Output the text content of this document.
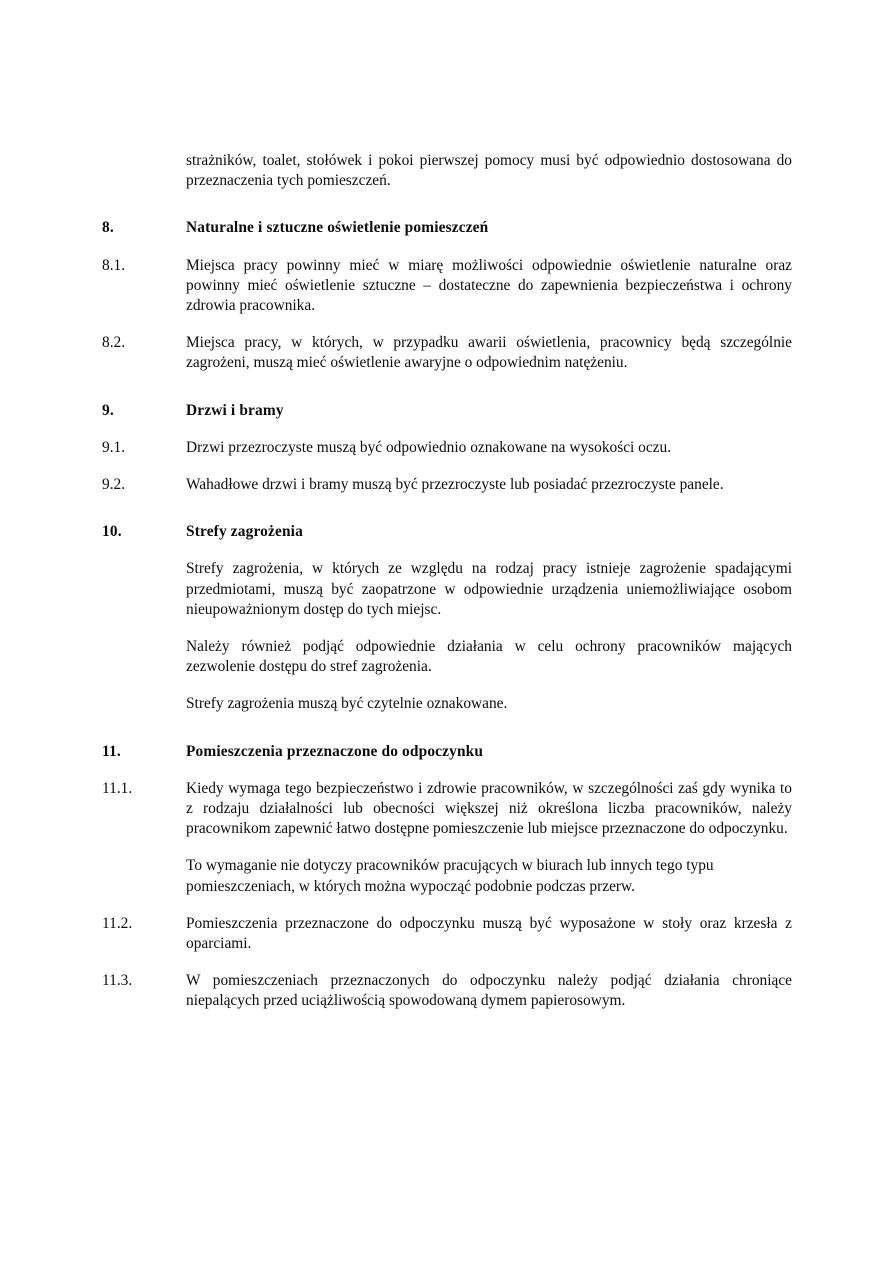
strażników, toalet, stołówek i pokoi pierwszej pomocy musi być odpowiednio dostosowana do przeznaczenia tych pomieszczeń.
8.	Naturalne i sztuczne oświetlenie pomieszczeń
8.1.	Miejsca pracy powinny mieć w miarę możliwości odpowiednie oświetlenie naturalne oraz powinny mieć oświetlenie sztuczne – dostateczne do zapewnienia bezpieczeństwa i ochrony zdrowia pracownika.
8.2.	Miejsca pracy, w których, w przypadku awarii oświetlenia, pracownicy będą szczególnie zagrożeni, muszą mieć oświetlenie awaryjne o odpowiednim natężeniu.
9.	Drzwi i bramy
9.1.	Drzwi przezroczyste muszą być odpowiednio oznakowane na wysokości oczu.
9.2.	Wahadłowe drzwi i bramy muszą być przezroczyste lub posiadać przezroczyste panele.
10.	Strefy zagrożenia
Strefy zagrożenia, w których ze względu na rodzaj pracy istnieje zagrożenie spadającymi przedmiotami, muszą być zaopatrzone w odpowiednie urządzenia uniemożliwiające osobom nieupoważnionym dostęp do tych miejsc.
Należy również podjąć odpowiednie działania w celu ochrony pracowników mających zezwolenie dostępu do stref zagrożenia.
Strefy zagrożenia muszą być czytelnie oznakowane.
11.	Pomieszczenia przeznaczone do odpoczynku
11.1.	Kiedy wymaga tego bezpieczeństwo i zdrowie pracowników, w szczególności zaś gdy wynika to z rodzaju działalności lub obecności większej niż określona liczba pracowników, należy pracownikom zapewnić łatwo dostępne pomieszczenie lub miejsce przeznaczone do odpoczynku.
To wymaganie nie dotyczy pracowników pracujących w biurach lub innych tego typu pomieszczeniach, w których można wypocząć podobnie podczas przerw.
11.2.	Pomieszczenia przeznaczone do odpoczynku muszą być wyposażone w stoły oraz krzesła z oparciami.
11.3.	W pomieszczeniach przeznaczonych do odpoczynku należy podjąć działania chroniące niepalących przed uciążliwością spowodowaną dymem papierosowym.
